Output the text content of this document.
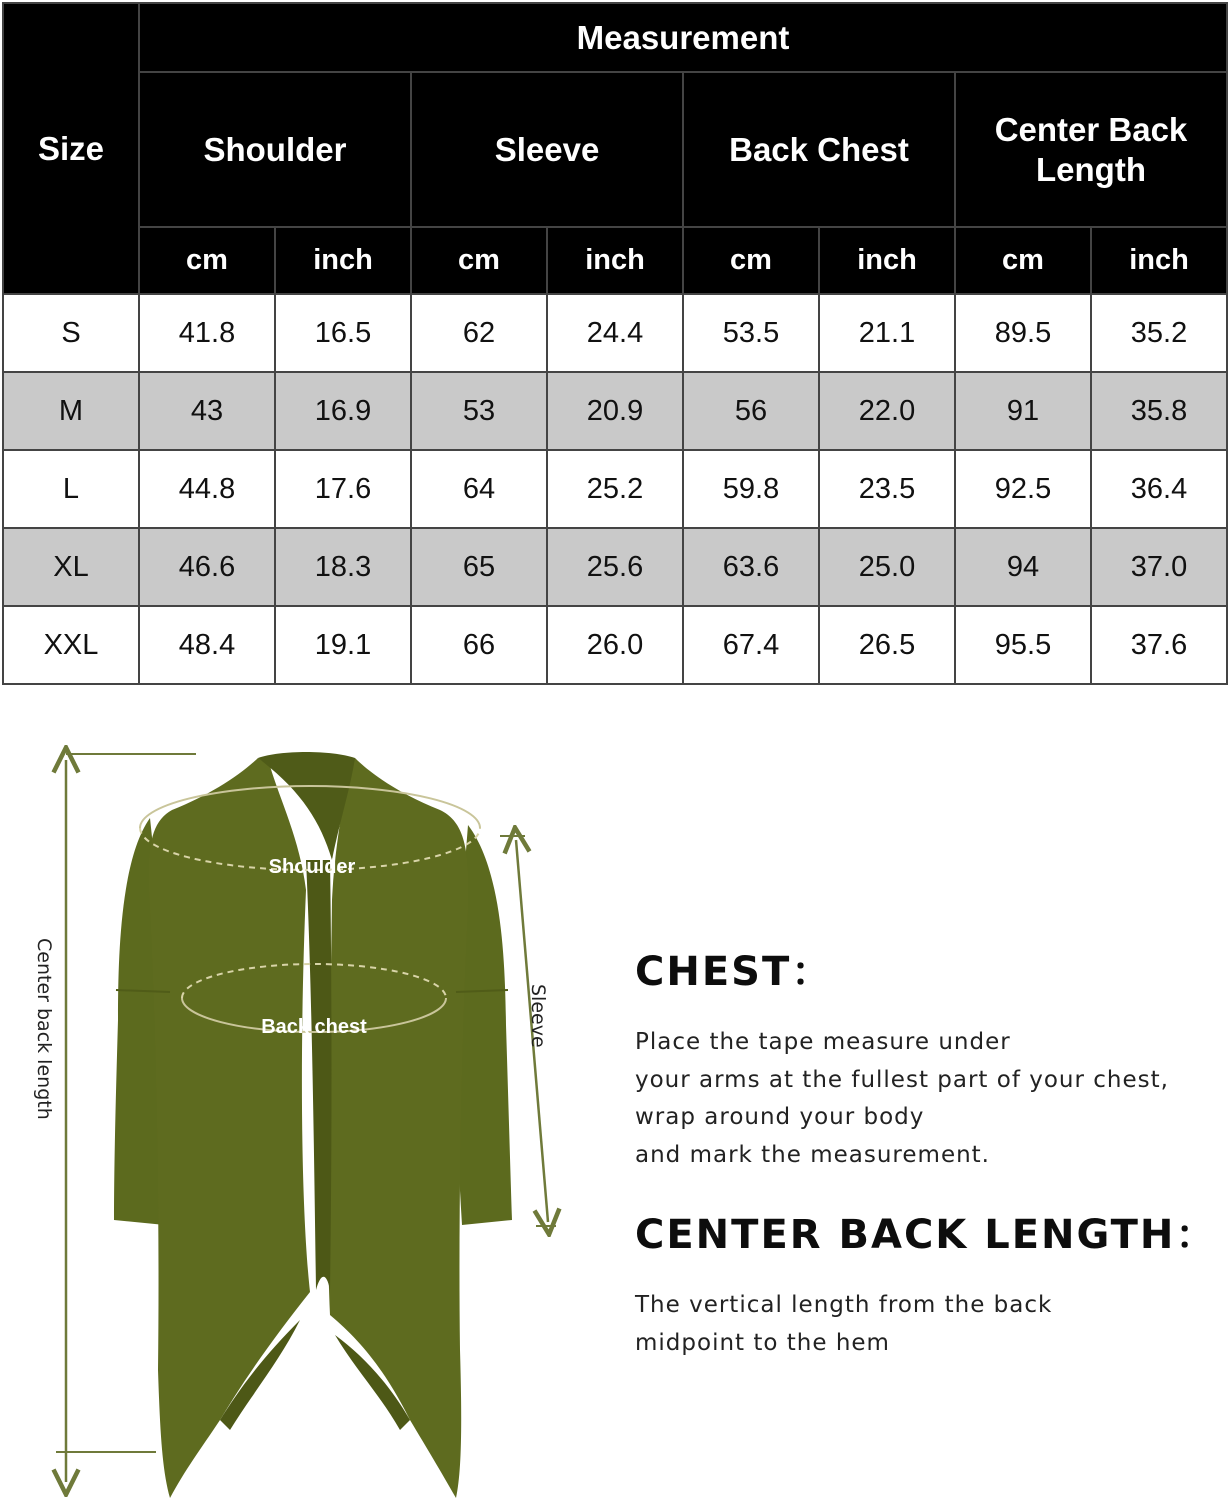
Size	Measurement							
	Shoulder		Sleeve		Back Chest		Center Back Length	
	cm	inch	cm	inch	cm	inch	cm	inch
S	41.8	16.5	62	24.4	53.5	21.1	89.5	35.2
M	43	16.9	53	20.9	56	22.0	91	35.8
L	44.8	17.6	64	25.2	59.8	23.5	92.5	36.4
XL	46.6	18.3	65	25.6	63.6	25.0	94	37.0
XXL	48.4	19.1	66	26.0	67.4	26.5	95.5	37.6
Center back length	Sleeve
Shoulder
Back chest
CHEST：

Place the tape measure under
your arms at the fullest part of your chest,
wrap around your body
and mark the measurement.

CENTER BACK LENGTH：

The vertical length from the back
midpoint to the hem
